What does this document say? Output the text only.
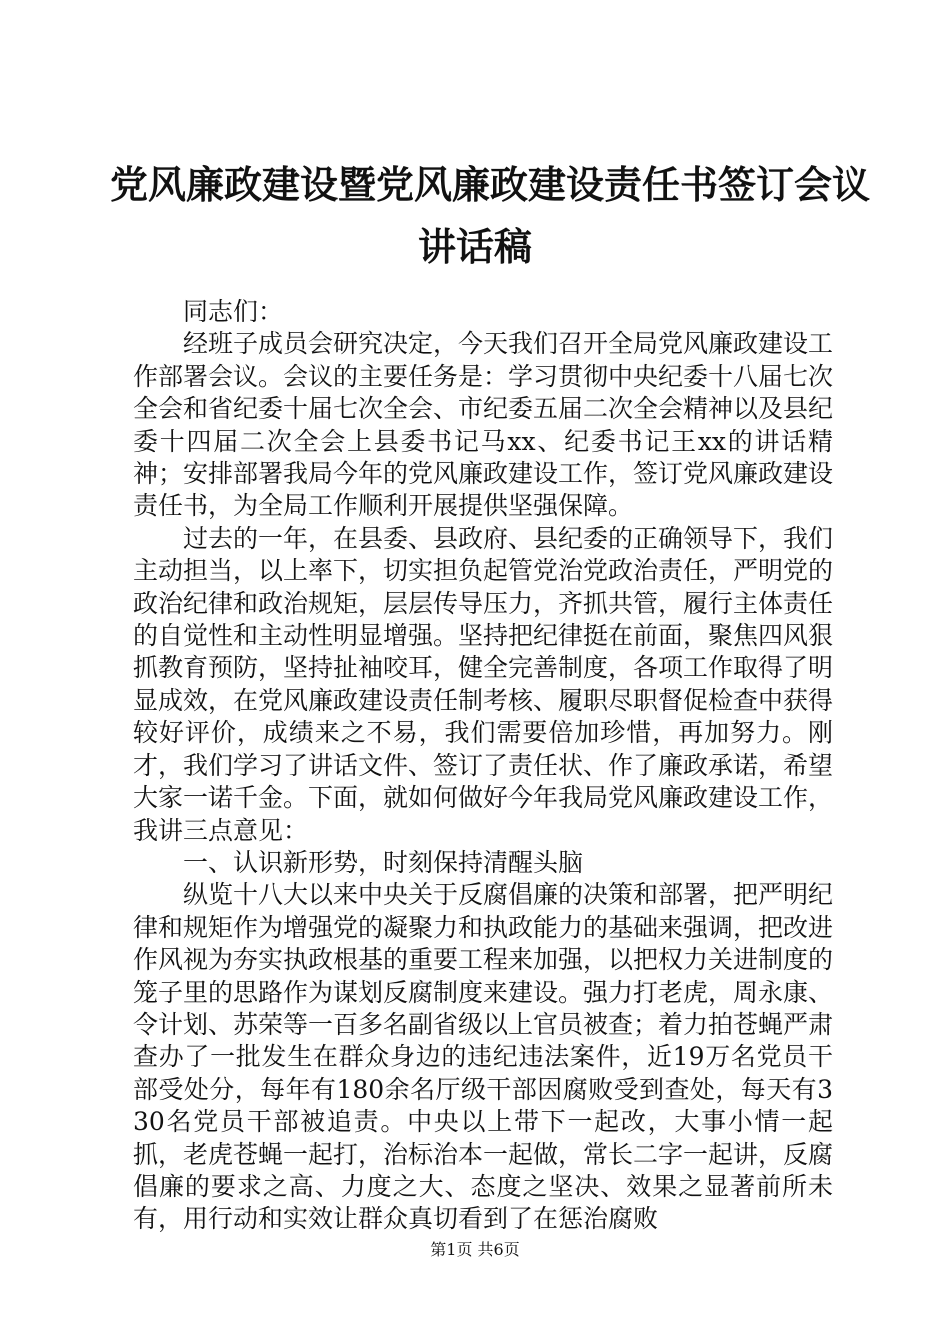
党风廉政建设暨党风廉政建设责任书签订会议
讲话稿

同志们：

经班子成员会研究决定，今天我们召开全局党风廉政建设工作部署会议。会议的主要任务是：学习贯彻中央纪委十八届七次全会和省纪委十届七次全会、市纪委五届二次全会精神以及县纪委十四届二次全会上县委书记马xx、纪委书记王xx的讲话精神；安排部署我局今年的党风廉政建设工作，签订党风廉政建设责任书，为全局工作顺利开展提供坚强保障。

过去的一年，在县委、县政府、县纪委的正确领导下，我们主动担当，以上率下，切实担负起管党治党政治责任，严明党的政治纪律和政治规矩，层层传导压力，齐抓共管，履行主体责任的自觉性和主动性明显增强。坚持把纪律挺在前面，聚焦四风狠抓教育预防，坚持扯袖咬耳，健全完善制度，各项工作取得了明显成效，在党风廉政建设责任制考核、履职尽职督促检查中获得较好评价，成绩来之不易，我们需要倍加珍惜，再加努力。刚才，我们学习了讲话文件、签订了责任状、作了廉政承诺，希望大家一诺千金。下面，就如何做好今年我局党风廉政建设工作，我讲三点意见：

一、认识新形势，时刻保持清醒头脑

纵览十八大以来中央关于反腐倡廉的决策和部署，把严明纪律和规矩作为增强党的凝聚力和执政能力的基础来强调，把改进作风视为夯实执政根基的重要工程来加强，以把权力关进制度的笼子里的思路作为谋划反腐制度来建设。强力打老虎，周永康、令计划、苏荣等一百多名副省级以上官员被查；着力拍苍蝇严肃查办了一批发生在群众身边的违纪违法案件，近19万名党员干部受处分，每年有180余名厅级干部因腐败受到查处，每天有330名党员干部被追责。中央以上带下一起改，大事小情一起抓，老虎苍蝇一起打，治标治本一起做，常长二字一起讲，反腐倡廉的要求之高、力度之大、态度之坚决、效果之显著前所未有，用行动和实效让群众真切看到了在惩治腐败

第1页 共6页
